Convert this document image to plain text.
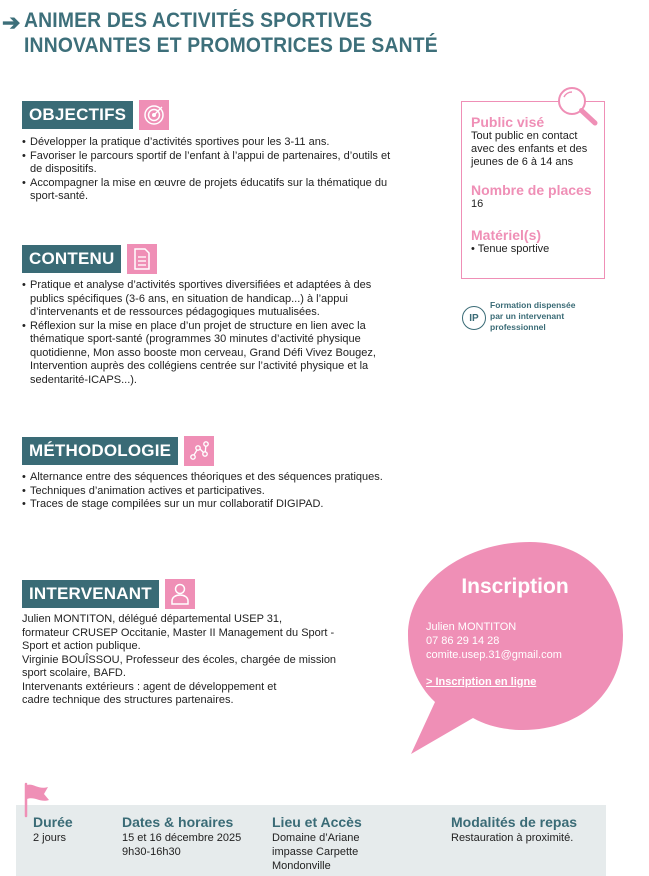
➔ ANIMER DES ACTIVITÉS SPORTIVES INNOVANTES ET PROMOTRICES DE SANTÉ
OBJECTIFS
• Développer la pratique d’activités sportives pour les 3-11 ans.
• Favoriser le parcours sportif de l’enfant à l’appui de partenaires, d’outils et de dispositifs.
• Accompagner la mise en œuvre de projets éducatifs sur la thématique du sport-santé.
CONTENU
• Pratique et analyse d’activités sportives diversifiées et adaptées à des publics spécifiques (3-6 ans, en situation de handicap...) à l’appui d’intervenants et de ressources pédagogiques mutualisées.
• Réflexion sur la mise en place d’un projet de structure en lien avec la thématique sport-santé (programmes 30 minutes d’activité physique quotidienne, Mon asso booste mon cerveau, Grand Défi Vivez Bougez, Intervention auprès des collégiens centrée sur l’activité physique et la sedentarité-ICAPS...).
MÉTHODOLOGIE
• Alternance entre des séquences théoriques et des séquences pratiques.
• Techniques d’animation actives et participatives.
• Traces de stage compilées sur un mur collaboratif DIGIPAD.
INTERVENANT
Julien MONTITON, délégué départemental USEP 31,
formateur CRUSEP Occitanie, Master II Management du Sport -
Sport et action publique.
Virginie BOUÎSSOU, Professeur des écoles, chargée de mission
sport scolaire, BAFD.
Intervenants extérieurs : agent de développement et
cadre technique des structures partenaires.
Public visé

Tout public en contact avec des enfants et des jeunes de 6 à 14 ans

Nombre de places

16

Matériel(s)

• Tenue sportive

IP
Formation dispensée
par un intervenant
professionnel
Inscription
Julien MONTITON
07 86 29 14 28
comite.usep.31@gmail.com
> Inscription en ligne
Durée
2 jours
Dates & horaires
15 et 16 décembre 2025
9h30-16h30
Lieu et Accès
Domaine d’Ariane
impasse Carpette
Mondonville
Modalités de repas
Restauration à proximité.
